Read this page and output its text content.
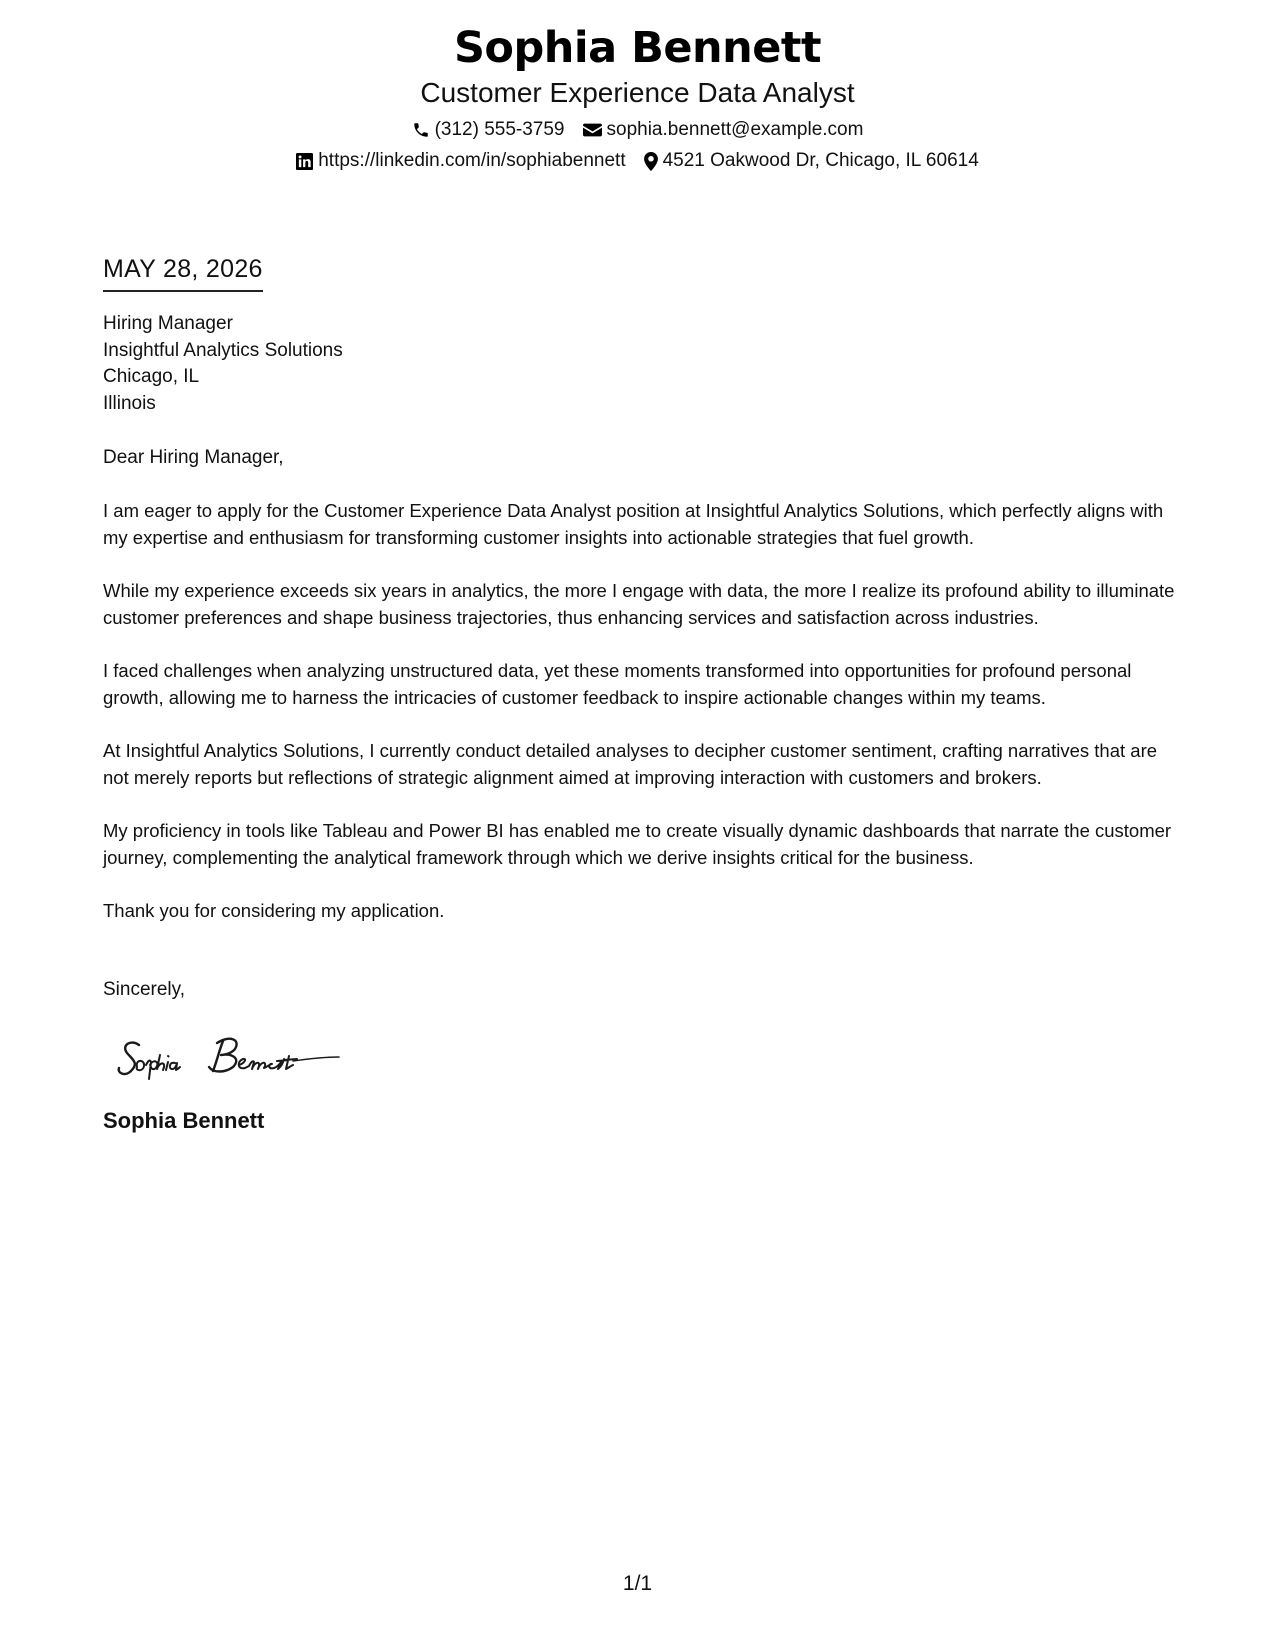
Sophia Bennett
Customer Experience Data Analyst
(312) 555-3759 sophia.bennett@example.com
https://linkedin.com/in/sophiabennett 4521 Oakwood Dr, Chicago, IL 60614
MAY 28, 2026
Hiring Manager
Insightful Analytics Solutions
Chicago, IL
Illinois
Dear Hiring Manager,
I am eager to apply for the Customer Experience Data Analyst position at Insightful Analytics Solutions, which perfectly aligns with my expertise and enthusiasm for transforming customer insights into actionable strategies that fuel growth.
While my experience exceeds six years in analytics, the more I engage with data, the more I realize its profound ability to illuminate customer preferences and shape business trajectories, thus enhancing services and satisfaction across industries.
I faced challenges when analyzing unstructured data, yet these moments transformed into opportunities for profound personal growth, allowing me to harness the intricacies of customer feedback to inspire actionable changes within my teams.
At Insightful Analytics Solutions, I currently conduct detailed analyses to decipher customer sentiment, crafting narratives that are not merely reports but reflections of strategic alignment aimed at improving interaction with customers and brokers.
My proficiency in tools like Tableau and Power BI has enabled me to create visually dynamic dashboards that narrate the customer journey, complementing the analytical framework through which we derive insights critical for the business.
Thank you for considering my application.
Sincerely,
Sophia Bennett
1/1
